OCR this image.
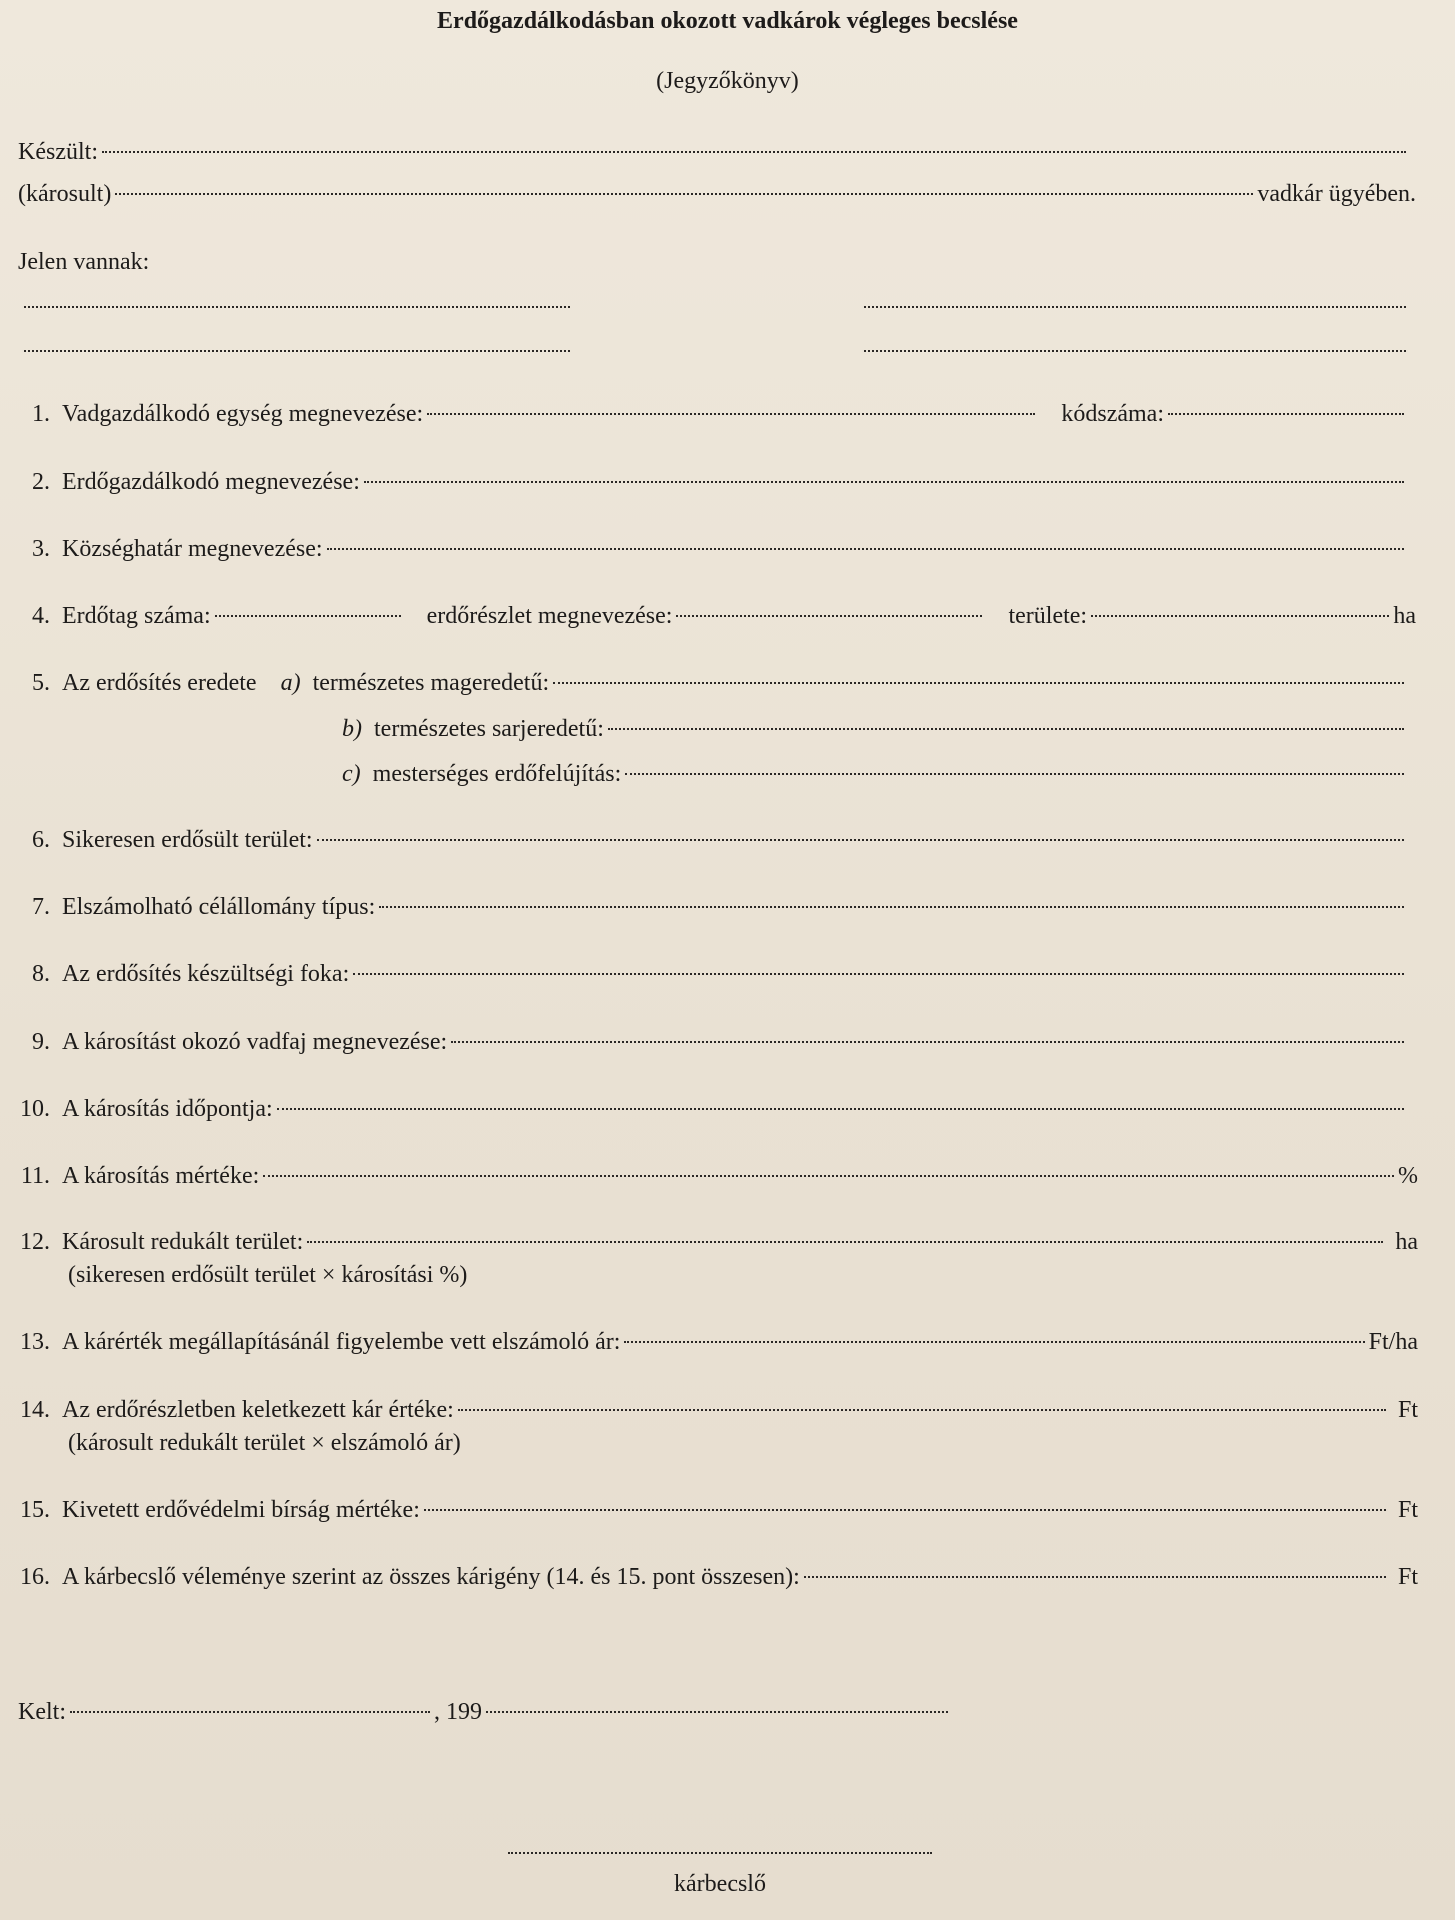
Erdőgazdálkodásban okozott vadkárok végleges becslése
(Jegyzőkönyv)
Készült:
(károsult)	vadkár ügyében.
Jelen vannak:
1. Vadgazdálkodó egység megnevezése:	kódszáma:
2. Erdőgazdálkodó megnevezése:
3. Községhatár megnevezése:
4. Erdőtag száma:	erdőrészlet megnevezése:	területe:	ha
5. Az erdősítés eredete a) természetes mageredetű:
b) természetes sarjeredetű:
c) mesterséges erdőfelújítás:
6. Sikeresen erdősült terület:
7. Elszámolható célállomány típus:
8. Az erdősítés készültségi foka:
9. A károsítást okozó vadfaj megnevezése:
10. A károsítás időpontja:
11. A károsítás mértéke:	%
12. Károsult redukált terület:	ha
(sikeresen erdősült terület × károsítási %)
13. A kárérték megállapításánál figyelembe vett elszámoló ár:	Ft/ha
14. Az erdőrészletben keletkezett kár értéke:	Ft
(károsult redukált terület × elszámoló ár)
15. Kivetett erdővédelmi bírság mértéke:	Ft
16. A kárbecslő véleménye szerint az összes kárigény (14. és 15. pont összesen):	Ft
Kelt:	, 199
kárbecslő
